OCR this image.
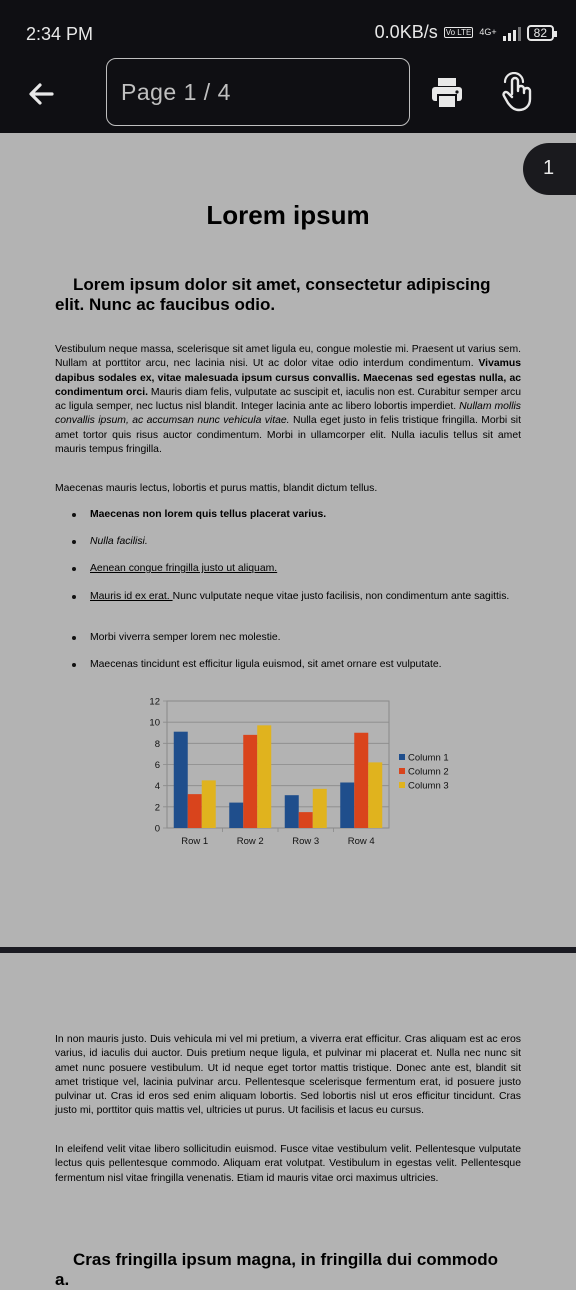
2:34 PM	0.0KB/s Vo LTE 4G+	82
Page 1 / 4
1
Lorem ipsum
Lorem ipsum dolor sit amet, consectetur adipiscing elit. Nunc ac faucibus odio.
Vestibulum neque massa, scelerisque sit amet ligula eu, congue molestie mi. Praesent ut varius sem. Nullam at porttitor arcu, nec lacinia nisi. Ut ac dolor vitae odio interdum condimentum. Vivamus dapibus sodales ex, vitae malesuada ipsum cursus convallis. Maecenas sed egestas nulla, ac condimentum orci. Mauris diam felis, vulputate ac suscipit et, iaculis non est. Curabitur semper arcu ac ligula semper, nec luctus nisl blandit. Integer lacinia ante ac libero lobortis imperdiet. Nullam mollis convallis ipsum, ac accumsan nunc vehicula vitae. Nulla eget justo in felis tristique fringilla. Morbi sit amet tortor quis risus auctor condimentum. Morbi in ullamcorper elit. Nulla iaculis tellus sit amet mauris tempus fringilla.
Maecenas mauris lectus, lobortis et purus mattis, blandit dictum tellus.
Maecenas non lorem quis tellus placerat varius.
Nulla facilisi.
Aenean congue fringilla justo ut aliquam.
Mauris id ex erat. Nunc vulputate neque vitae justo facilisis, non condimentum ante sagittis.
Morbi viverra semper lorem nec molestie.
Maecenas tincidunt est efficitur ligula euismod, sit amet ornare est vulputate.
0
2
4
6
8
10
12
Row 1	Row 2	Row 3	Row 4
Column 1
Column 2
Column 3
In non mauris justo. Duis vehicula mi vel mi pretium, a viverra erat efficitur. Cras aliquam est ac eros varius, id iaculis dui auctor. Duis pretium neque ligula, et pulvinar mi placerat et. Nulla nec nunc sit amet nunc posuere vestibulum. Ut id neque eget tortor mattis tristique. Donec ante est, blandit sit amet tristique vel, lacinia pulvinar arcu. Pellentesque scelerisque fermentum erat, id posuere justo pulvinar ut. Cras id eros sed enim aliquam lobortis. Sed lobortis nisl ut eros efficitur tincidunt. Cras justo mi, porttitor quis mattis vel, ultricies ut purus. Ut facilisis et lacus eu cursus.
In eleifend velit vitae libero sollicitudin euismod. Fusce vitae vestibulum velit. Pellentesque vulputate lectus quis pellentesque commodo. Aliquam erat volutpat. Vestibulum in egestas velit. Pellentesque fermentum nisl vitae fringilla venenatis. Etiam id mauris vitae orci maximus ultricies.
Cras fringilla ipsum magna, in fringilla dui commodo a.
